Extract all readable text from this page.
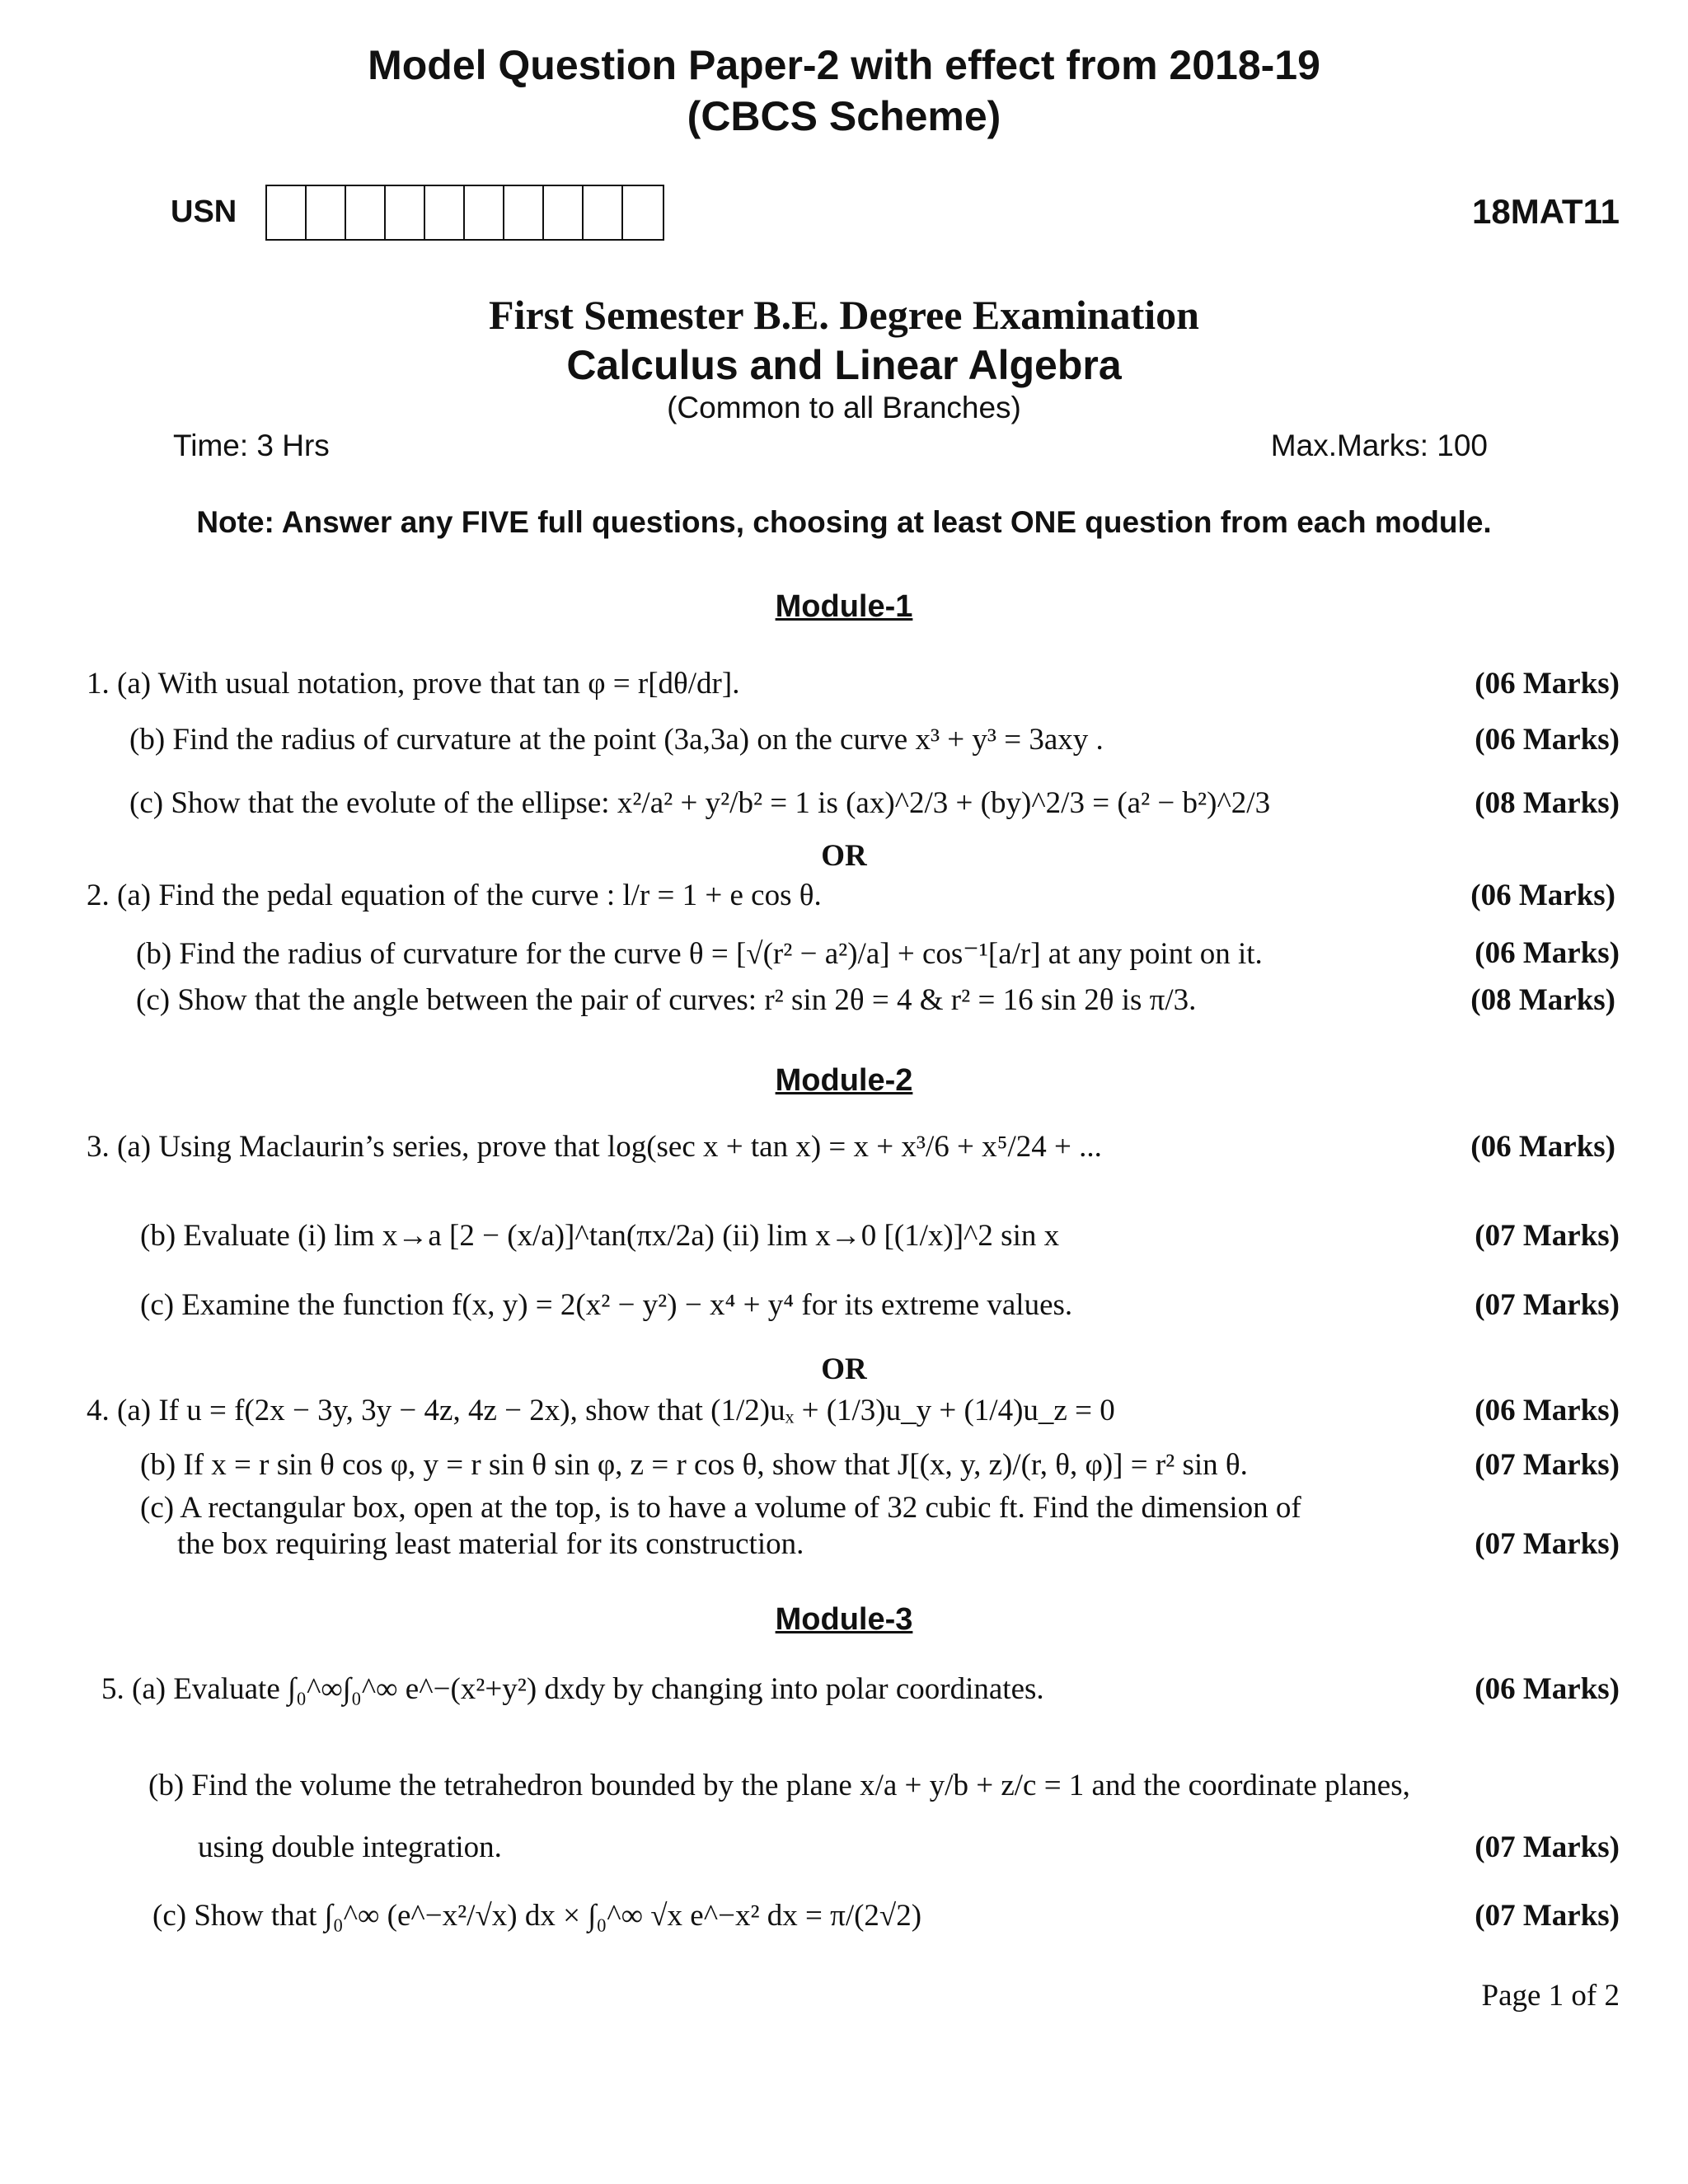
Model Question Paper-2 with effect from 2018-19
(CBCS Scheme)
USN	18MAT11
First Semester B.E. Degree Examination
Calculus and Linear Algebra
(Common to all Branches)
Time: 3 Hrs	Max.Marks: 100
Note: Answer any FIVE full questions, choosing at least ONE question from each module.
Module-1
1. (a) With usual notation, prove that tan φ = r[dθ/dr].	(06 Marks)
(b) Find the radius of curvature at the point (3a,3a) on the curve x³ + y³ = 3axy .	(06 Marks)
(c) Show that the evolute of the ellipse: x²/a² + y²/b² = 1 is (ax)^2/3 + (by)^2/3 = (a² − b²)^2/3	(08 Marks)
OR
2. (a) Find the pedal equation of the curve : l/r = 1 + e cos θ.	(06 Marks)
(b) Find the radius of curvature for the curve θ = [√(r² − a²)/a] + cos⁻¹[a/r] at any point on it.	(06 Marks)
(c) Show that the angle between the pair of curves: r² sin 2θ = 4 & r² = 16 sin 2θ is π/3.	(08 Marks)
Module-2
3. (a) Using Maclaurin’s series, prove that log(sec x + tan x) = x + x³/6 + x⁵/24 + ...	(06 Marks)
(b) Evaluate (i) lim x→a [2 − (x/a)]^tan(πx/2a) (ii) lim x→0 [(1/x)]^2 sin x	(07 Marks)
(c) Examine the function f(x, y) = 2(x² − y²) − x⁴ + y⁴ for its extreme values.	(07 Marks)
OR
4. (a) If u = f(2x − 3y, 3y − 4z, 4z − 2x), show that (1/2)uₓ + (1/3)u_y + (1/4)u_z = 0	(06 Marks)
(b) If x = r sin θ cos φ, y = r sin θ sin φ, z = r cos θ, show that J[(x, y, z)/(r, θ, φ)] = r² sin θ.	(07 Marks)
(c) A rectangular box, open at the top, is to have a volume of 32 cubic ft. Find the dimension of
the box requiring least material for its construction.	(07 Marks)
Module-3
5. (a) Evaluate ∫₀^∞∫₀^∞ e^−(x²+y²) dxdy by changing into polar coordinates.	(06 Marks)
(b) Find the volume the tetrahedron bounded by the plane x/a + y/b + z/c = 1 and the coordinate planes,
using double integration.	(07 Marks)
(c) Show that ∫₀^∞ (e^−x²/√x) dx × ∫₀^∞ √x e^−x² dx = π/(2√2)	(07 Marks)
Page 1 of 2
